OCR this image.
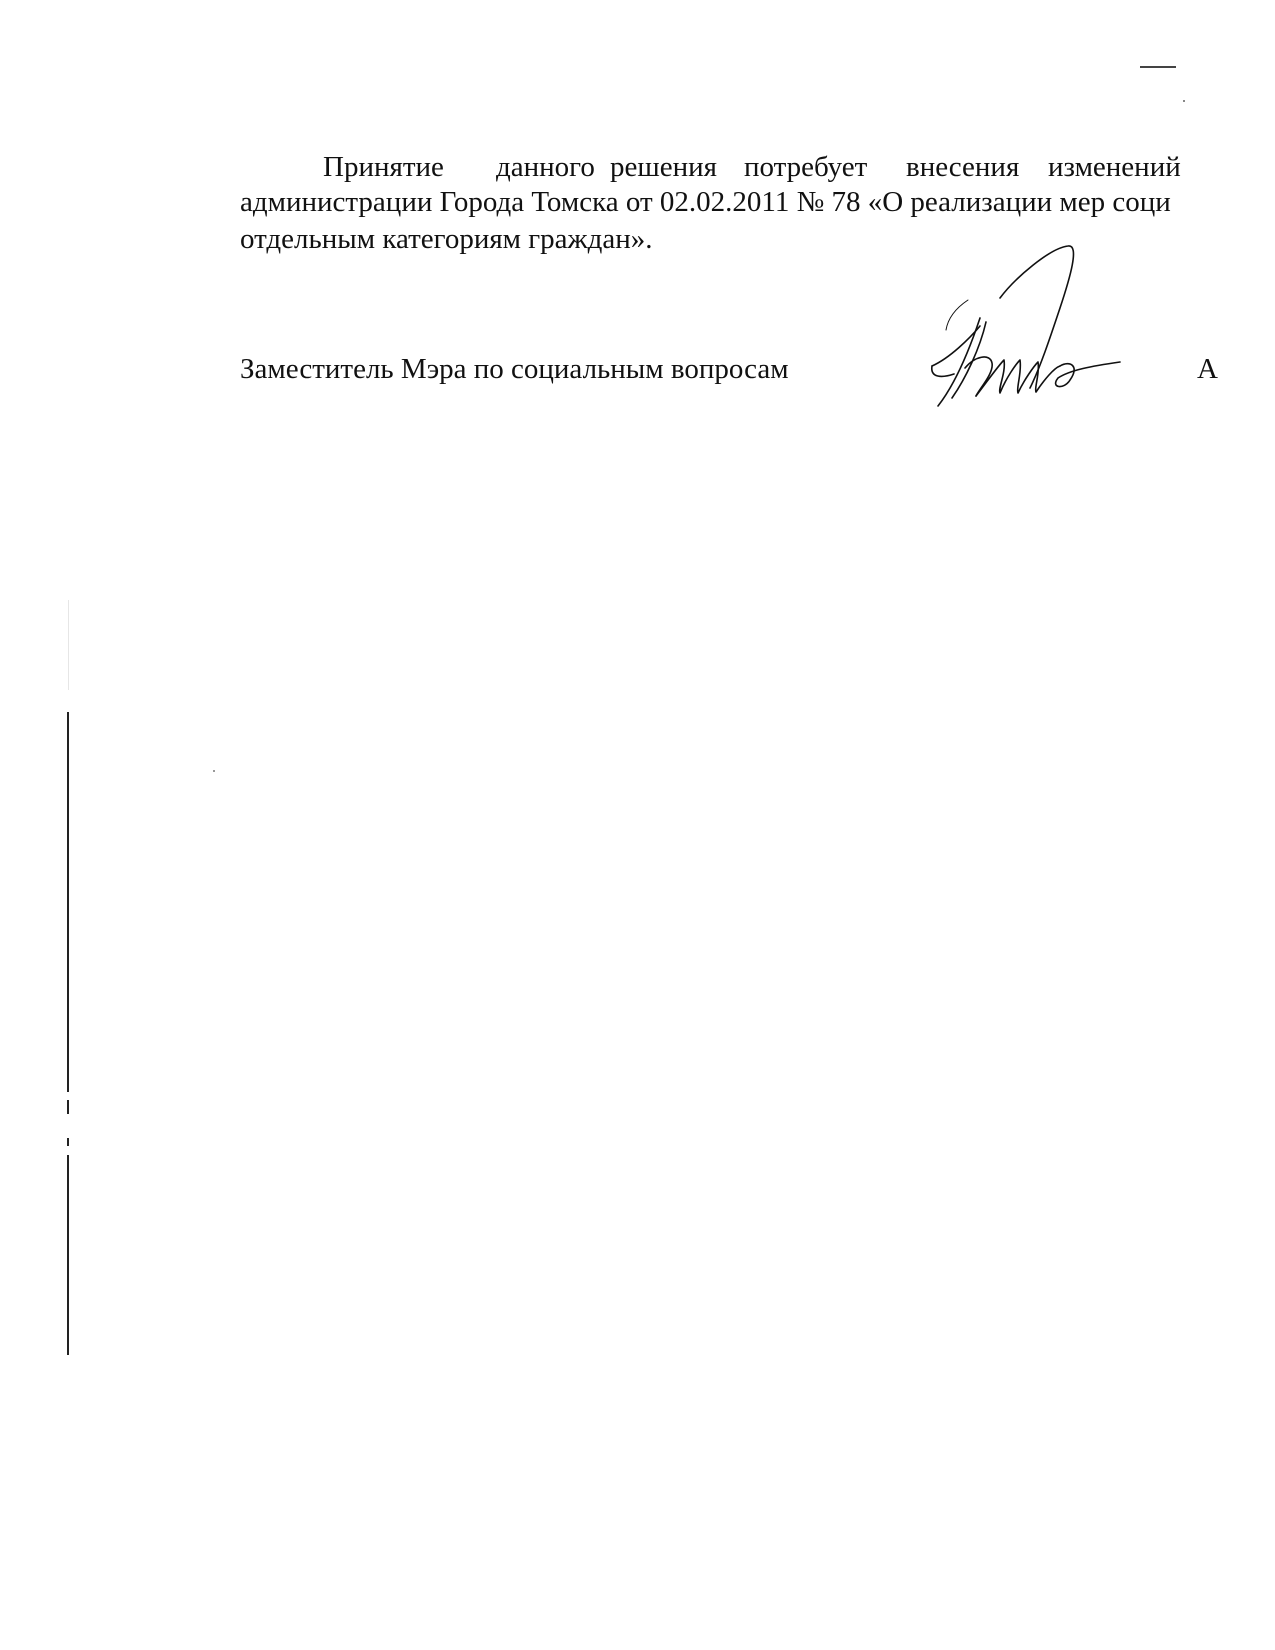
Принятие данного решения потребует внесения изменений
администрации Города Томска от 02.02.2011 № 78 «О реализации мер соци
отдельным категориям граждан».
Заместитель Мэра по социальным вопросам	А
